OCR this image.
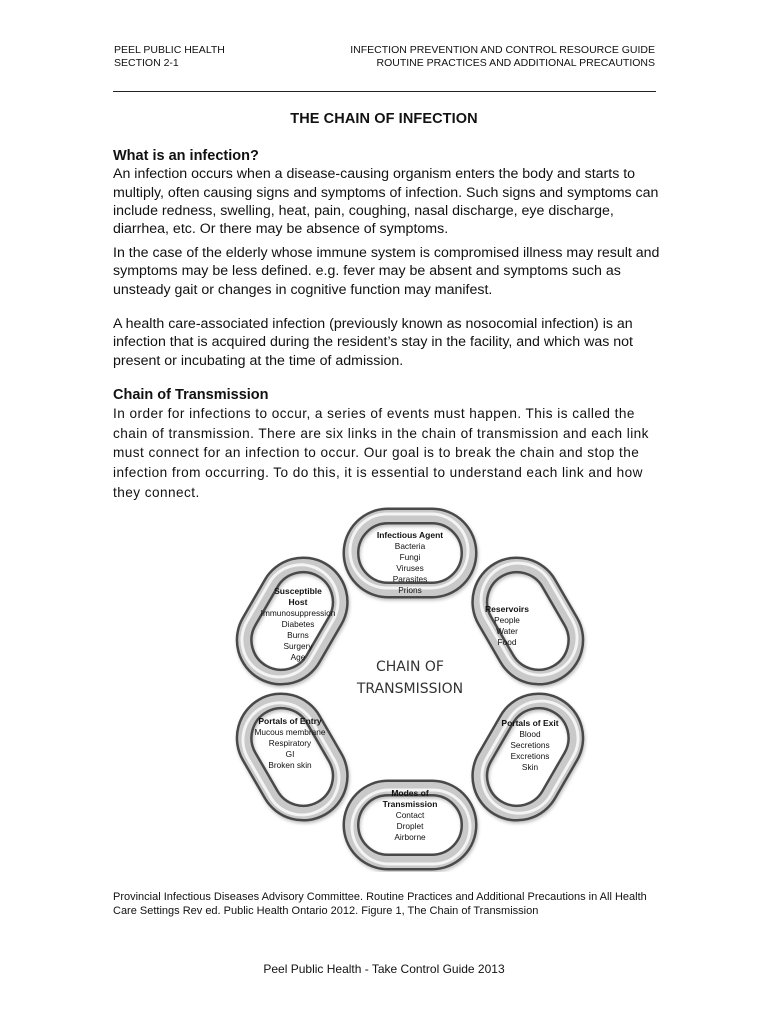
PEEL PUBLIC HEALTH
SECTION 2-1
INFECTION PREVENTION AND CONTROL RESOURCE GUIDE
ROUTINE PRACTICES AND ADDITIONAL PRECAUTIONS
THE CHAIN OF INFECTION
What is an infection?
An infection occurs when a disease-causing organism enters the body and starts to multiply, often causing signs and symptoms of infection. Such signs and symptoms can include redness, swelling, heat, pain, coughing, nasal discharge, eye discharge, diarrhea, etc. Or there may be absence of symptoms.
In the case of the elderly whose immune system is compromised illness may result and symptoms may be less defined. e.g. fever may be absent and symptoms such as unsteady gait or changes in cognitive function may manifest.
A health care-associated infection (previously known as nosocomial infection) is an infection that is acquired during the resident’s stay in the facility, and which was not present or incubating at the time of admission.
Chain of Transmission
In order for infections to occur, a series of events must happen. This is called the chain of transmission. There are six links in the chain of transmission and each link must connect for an infection to occur. Our goal is to break the chain and stop the infection from occurring. To do this, it is essential to understand each link and how they connect.
CHAIN OF
TRANSMISSION
Infectious Agent
Bacteria
Fungi
Viruses
Parasites
Prions
Reservoirs
People
Water
Food
Portals of Exit
Blood
Secretions
Excretions
Skin
Modes of
Transmission
Contact
Droplet
Airborne
Portals of Entry
Mucous membrane
Respiratory
GI
Broken skin
Susceptible
Host
Immunosuppression
Diabetes
Burns
Surgery
Age
Provincial Infectious Diseases Advisory Committee. Routine Practices and Additional Precautions in All Health Care Settings Rev ed. Public Health Ontario 2012. Figure 1, The Chain of Transmission
Peel Public Health - Take Control Guide 2013
